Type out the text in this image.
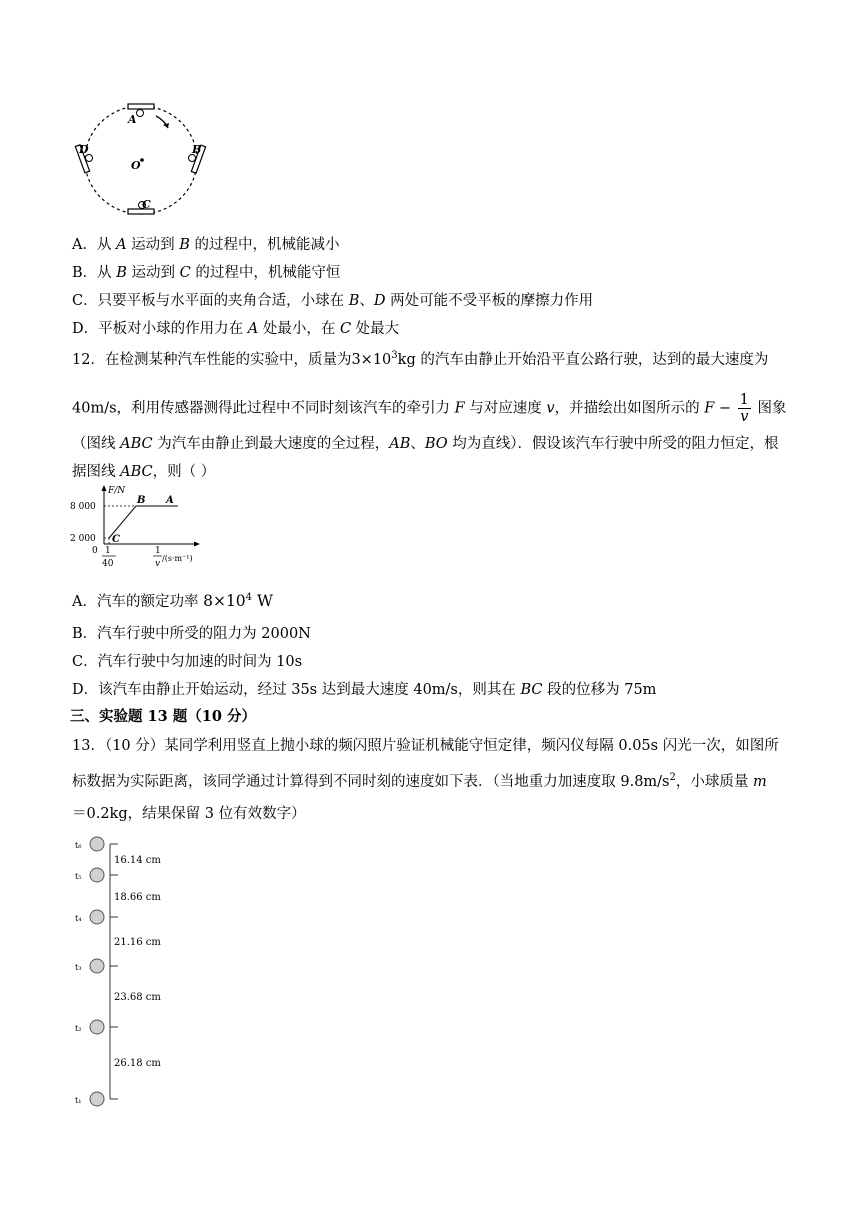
A
B
C
D
O
A．从 A 运动到 B 的过程中，机械能减小
B．从 B 运动到 C 的过程中，机械能守恒
C．只要平板与水平面的夹角合适，小球在 B、D 两处可能不受平板的摩擦力作用
D．平板对小球的作用力在 A 处最小，在 C 处最大
12．在检测某种汽车性能的实验中，质量为$3\times 10^3kg$ 的汽车由静止开始沿平直公路行驶，达到的最大速度为
40m/s，利用传感器测得此过程中不同时刻该汽车的牵引力 F 与对应速度 v，并描绘出如图所示的 $F - \frac{1}{v}$ 图象
（图线 ABC 为汽车由静止到最大速度的全过程，AB、BO 均为直线）．假设该汽车行驶中所受的阻力恒定，根
据图线 ABC，则（ ）
F/N
8 000
2 000
0 1
40
1
v
/(s·m⁻¹)
B A
C
A．汽车的额定功率 $8\times 10^4$ W
B．汽车行驶中所受的阻力为 2000N
C．汽车行驶中匀加速的时间为 10s
D．该汽车由静止开始运动，经过 35s 达到最大速度 40m/s，则其在 BC 段的位移为 75m
三、实验题 13 题（10 分）
13．（10 分）某同学利用竖直上抛小球的频闪照片验证机械能守恒定律，频闪仪每隔 0.05s 闪光一次，如图所
标数据为实际距离，该同学通过计算得到不同时刻的速度如下表．（当地重力加速度取 $9.8m/s^2$，小球质量 m
＝0.2kg，结果保留 3 位有效数字）
t₆
t₅
t₄
t₃
t₂
t₁
16.14 cm
18.66 cm
21.16 cm
23.68 cm
26.18 cm
